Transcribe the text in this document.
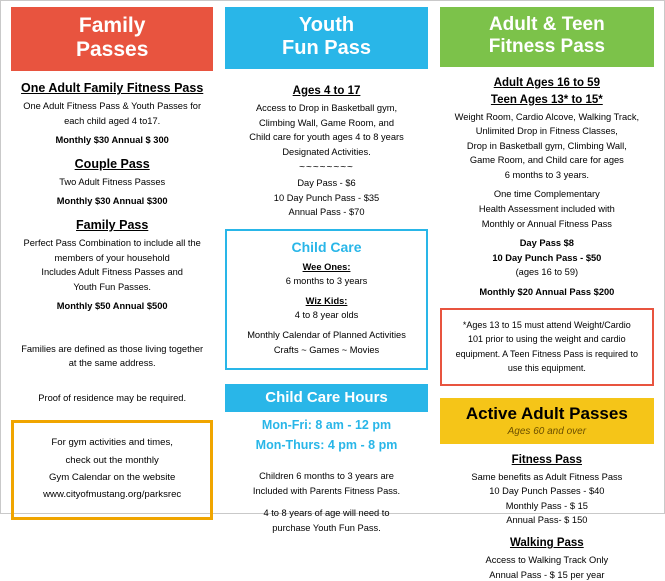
Family
Passes
One Adult Family Fitness Pass
One Adult Fitness Pass & Youth Passes for
each child aged 4 to17.
Monthly $30 Annual $ 300
Couple Pass
Two Adult Fitness Passes
Monthly $30 Annual $300
Family Pass
Perfect Pass Combination to include all the
members of your household
Includes Adult Fitness Passes and
Youth Fun Passes.
Monthly $50 Annual $500
Families are defined as those living together
at the same address.
Proof of residence may be required.
For gym activities and times,
check out the monthly
Gym Calendar on the website
www.cityofmustang.org/parksrec
Youth
Fun Pass
Ages 4 to 17
Access to Drop in Basketball gym,
Climbing Wall, Game Room, and
Child care for youth ages 4 to 8 years
Designated Activities.
~~~~~~~~
Day Pass - $6
10 Day Punch Pass - $35
Annual Pass - $70
Child Care
Wee Ones:
6 months to 3 years
Wiz Kids:
4 to 8 year olds
Monthly Calendar of Planned Activities
Crafts ~ Games ~ Movies
Child Care Hours
Mon-Fri: 8 am - 12 pm
Mon-Thurs: 4 pm - 8 pm
Children 6 months to 3 years are
Included with Parents Fitness Pass.
4 to 8 years of age will need to
purchase Youth Fun Pass.
Adult & Teen
Fitness Pass
Adult Ages 16 to 59
Teen Ages 13* to 15*
Weight Room, Cardio Alcove, Walking Track,
Unlimited Drop in Fitness Classes,
Drop in Basketball gym, Climbing Wall,
Game Room, and Child care for ages
6 months to 3 years.
One time Complementary
Health Assessment included with
Monthly or Annual Fitness Pass
Day Pass $8
10 Day Punch Pass - $50
(ages 16 to 59)
Monthly $20 Annual Pass $200
*Ages 13 to 15 must attend Weight/Cardio
101 prior to using the weight and cardio
equipment. A Teen Fitness Pass is required to
use this equipment.
Active Adult Passes
Ages 60 and over
Fitness Pass
Same benefits as Adult Fitness Pass
10 Day Punch Passes - $40
Monthly Pass - $ 15
Annual Pass- $ 150
Walking Pass
Access to Walking Track Only
Annual Pass - $ 15 per year
